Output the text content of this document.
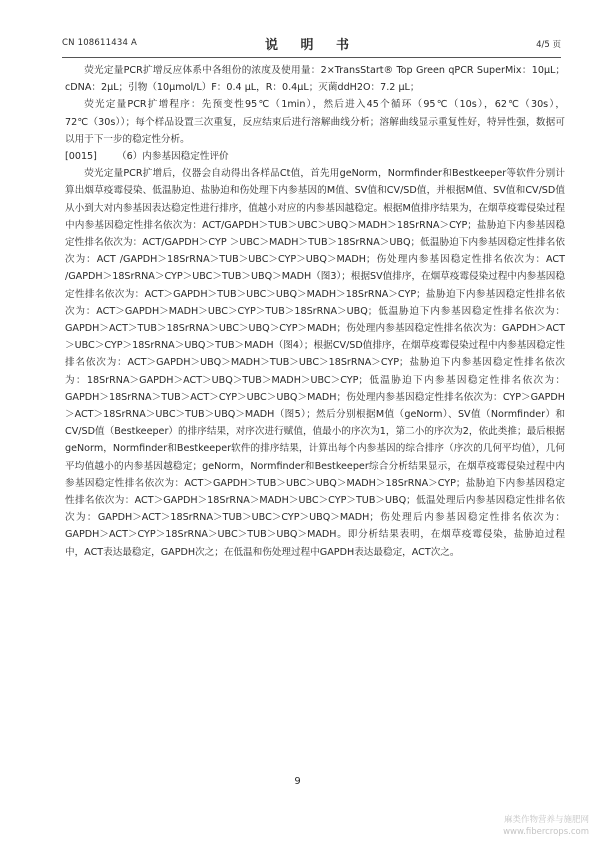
CN 108611434 A	说 明 书	4/5 页

荧光定量PCR扩增反应体系中各组份的浓度及使用量：2×TransStart® Top Green qPCR SuperMix：10μL；cDNA：2μL；引物（10μmol/L）F：0.4 μL，R：0.4μL；灭菌ddH2O：7.2 μL；

荧光定量PCR扩增程序：先预变性95℃（1min），然后进入45个循环（95℃（10s），62℃（30s），72℃（30s））；每个样品设置三次重复，反应结束后进行溶解曲线分析；溶解曲线显示重复性好，特异性强，数据可以用于下一步的稳定性分析。

[0015] （6）内参基因稳定性评价

荧光定量PCR扩增后，仪器会自动得出各样品Ct值，首先用geNorm，Normfinder和Bestkeeper等软件分别计算出烟草疫霉侵染、低温胁迫、盐胁迫和伤处理下内参基因的M值、SV值和CV/SD值，并根据M值、SV值和CV/SD值从小到大对内参基因表达稳定性进行排序，值越小对应的内参基因越稳定。根据M值排序结果为，在烟草疫霉侵染过程中内参基因稳定性排名依次为：ACT/GAPDH＞TUB＞UBC＞UBQ＞MADH＞18SrRNA＞CYP；盐胁迫下内参基因稳定性排名依次为：ACT/GAPDH＞CYP ＞UBC＞MADH＞TUB＞18SrRNA＞UBQ；低温胁迫下内参基因稳定性排名依次为：ACT /GAPDH＞18SrRNA＞TUB＞UBC＞CYP＞UBQ＞MADH；伤处理内参基因稳定性排名依次为：ACT /GAPDH＞18SrRNA＞CYP＞UBC＞TUB＞UBQ＞MADH（图3）；根据SV值排序，在烟草疫霉侵染过程中内参基因稳定性排名依次为：ACT＞GAPDH＞TUB＞UBC＞UBQ＞MADH＞18SrRNA＞CYP；盐胁迫下内参基因稳定性排名依次为：ACT＞GAPDH＞MADH＞UBC＞CYP＞TUB＞18SrRNA＞UBQ；低温胁迫下内参基因稳定性排名依次为：GAPDH＞ACT＞TUB＞18SrRNA＞UBC＞UBQ＞CYP＞MADH；伤处理内参基因稳定性排名依次为：GAPDH＞ACT＞UBC＞CYP＞18SrRNA＞UBQ＞TUB＞MADH（图4）；根据CV/SD值排序，在烟草疫霉侵染过程中内参基因稳定性排名依次为：ACT＞GAPDH＞UBQ＞MADH＞TUB＞UBC＞18SrRNA＞CYP；盐胁迫下内参基因稳定性排名依次为：18SrRNA＞GAPDH＞ACT＞UBQ＞TUB＞MADH＞UBC＞CYP；低温胁迫下内参基因稳定性排名依次为：GAPDH＞18SrRNA＞TUB＞ACT＞CYP＞UBC＞UBQ＞MADH；伤处理内参基因稳定性排名依次为：CYP＞GAPDH＞ACT＞18SrRNA＞UBC＞TUB＞UBQ＞MADH（图5）；然后分别根据M值（geNorm）、SV值（Normfinder）和CV/SD值（Bestkeeper）的排序结果，对序次进行赋值，值最小的序次为1，第二小的序次为2，依此类推；最后根据geNorm，Normfinder和Bestkeeper软件的排序结果，计算出每个内参基因的综合排序（序次的几何平均值），几何平均值越小的内参基因越稳定；geNorm，Normfinder和Bestkeeper综合分析结果显示，在烟草疫霉侵染过程中内参基因稳定性排名依次为：ACT＞GAPDH＞TUB＞UBC＞UBQ＞MADH＞18SrRNA＞CYP；盐胁迫下内参基因稳定性排名依次为：ACT＞GAPDH＞18SrRNA＞MADH＞UBC＞CYP＞TUB＞UBQ；低温处理后内参基因稳定性排名依次为：GAPDH＞ACT＞18SrRNA＞TUB＞UBC＞CYP＞UBQ＞MADH；伤处理后内参基因稳定性排名依次为：GAPDH＞ACT＞CYP＞18SrRNA＞UBC＞TUB＞UBQ＞MADH。即分析结果表明，在烟草疫霉侵染，盐胁迫过程中，ACT表达最稳定，GAPDH次之；在低温和伤处理过程中GAPDH表达最稳定，ACT次之。

9
麻类作物营养与施肥网
www.fibercrops.com
